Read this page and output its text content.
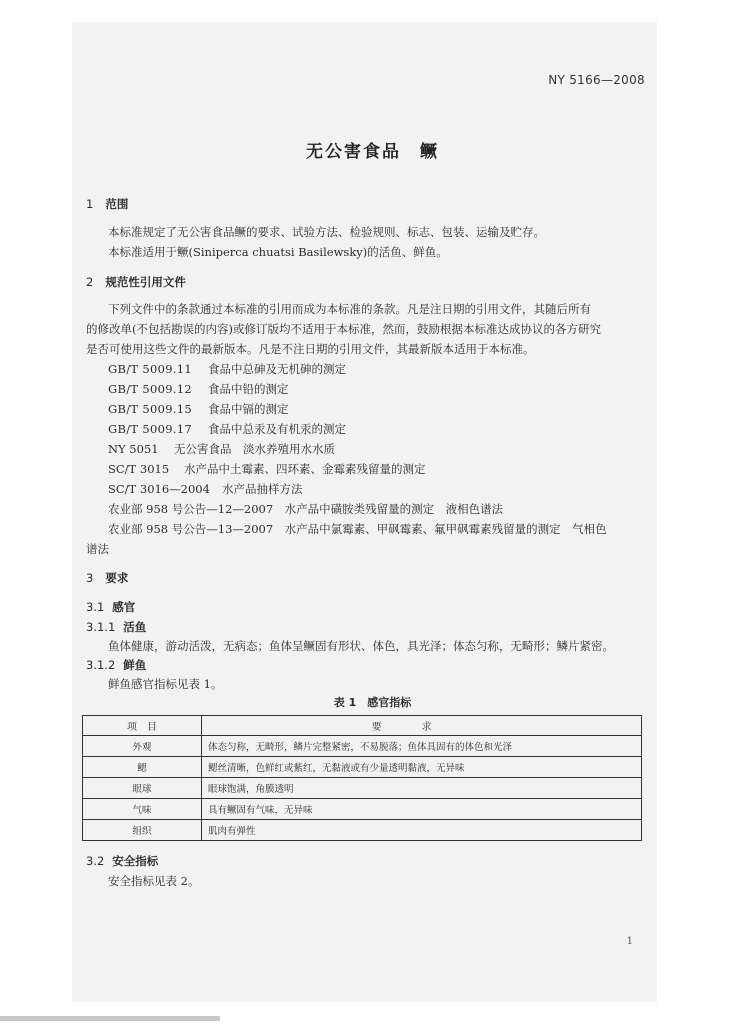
NY 5166—2008
无公害食品　鳜
1 范围
本标准规定了无公害食品鳜的要求、试验方法、检验规则、标志、包装、运输及贮存。
本标准适用于鳜(Siniperca chuatsi Basilewsky)的活鱼、鲜鱼。
2 规范性引用文件
下列文件中的条款通过本标准的引用而成为本标准的条款。凡是注日期的引用文件，其随后所有
的修改单(不包括勘误的内容)或修订版均不适用于本标准，然而，鼓励根据本标准达成协议的各方研究
是否可使用这些文件的最新版本。凡是不注日期的引用文件，其最新版本适用于本标准。
GB/T 5009.11 食品中总砷及无机砷的测定
GB/T 5009.12 食品中铅的测定
GB/T 5009.15 食品中镉的测定
GB/T 5009.17 食品中总汞及有机汞的测定
NY 5051 无公害食品　淡水养殖用水水质
SC/T 3015 水产品中土霉素、四环素、金霉素残留量的测定
SC/T 3016—2004 水产品抽样方法
农业部 958 号公告—12—2007　水产品中磺胺类残留量的测定　液相色谱法
农业部 958 号公告—13—2007　水产品中氯霉素、甲砜霉素、氟甲砜霉素残留量的测定　气相色
谱法
3 要求
3.1 感官
3.1.1 活鱼
鱼体健康，游动活泼，无病态；鱼体呈鳜固有形状、体色，具光泽；体态匀称，无畸形；鳞片紧密。
3.1.2 鲜鱼
鲜鱼感官指标见表 1。
表 1　感官指标
项　目	要求
外观	体态匀称，无畸形，鳞片完整紧密，不易脱落；鱼体具固有的体色和光泽
鳃	鳃丝清晰，色鲜红或紫红，无黏液或有少量透明黏液，无异味
眼球	眼球饱满，角膜透明
气味	具有鳜固有气味，无异味
组织	肌肉有弹性
3.2 安全指标
安全指标见表 2。
1
